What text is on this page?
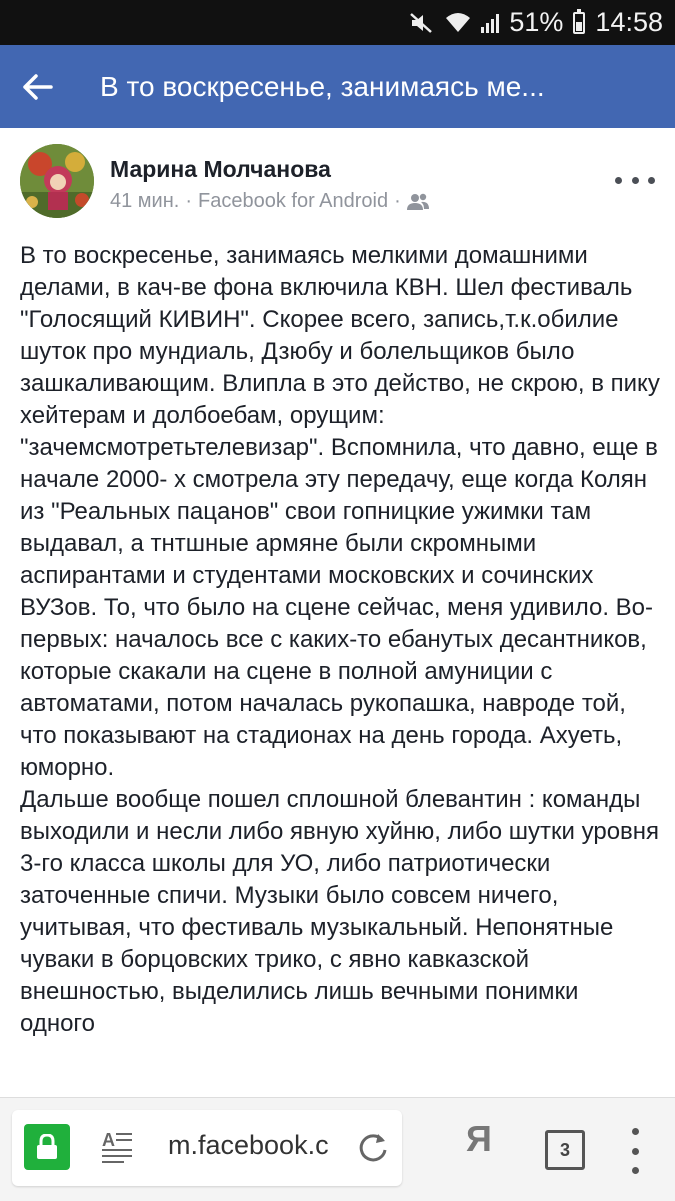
51% 14:58
В то воскресенье, занимаясь ме...
Марина Молчанова
41 мин. · Facebook for Android ·

В то воскресенье, занимаясь мелкими домашними делами, в кач-ве фона включила КВН. Шел фестиваль "Голосящий КИВИН". Скорее всего, запись,т.к.обилие шуток про мундиаль, Дзюбу и болельщиков было зашкаливающим. Влипла в это действо, не скрою, в пику хейтерам и долбоебам, орущим: "зачемсмотретьтелевизар". Вспомнила, что давно, еще в начале 2000- х смотрела эту передачу, еще когда Колян из "Реальных пацанов" свои гопницкие ужимки там выдавал, а тнтшные армяне были скромными аспирантами и студентами московских и сочинских ВУЗов. То, что было на сцене сейчас, меня удивило. Во-первых: началось все с каких-то ебанутых десантников, которые скакали на сцене в полной амуниции с автоматами, потом началась рукопашка, навроде той, что показывают на стадионах на день города. Ахуеть, юморно.

Дальше вообще пошел сплошной блевантин : команды выходили и несли либо явную хуйню, либо шутки уровня 3-го класса школы для УО, либо патриотически заточенные спичи. Музыки было совсем ничего, учитывая, что фестиваль музыкальный. Непонятные чуваки в борцовских трико, с явно кавказской внешностью, выделились лишь вечными понимки одного

A m.facebook.c	Я	3
